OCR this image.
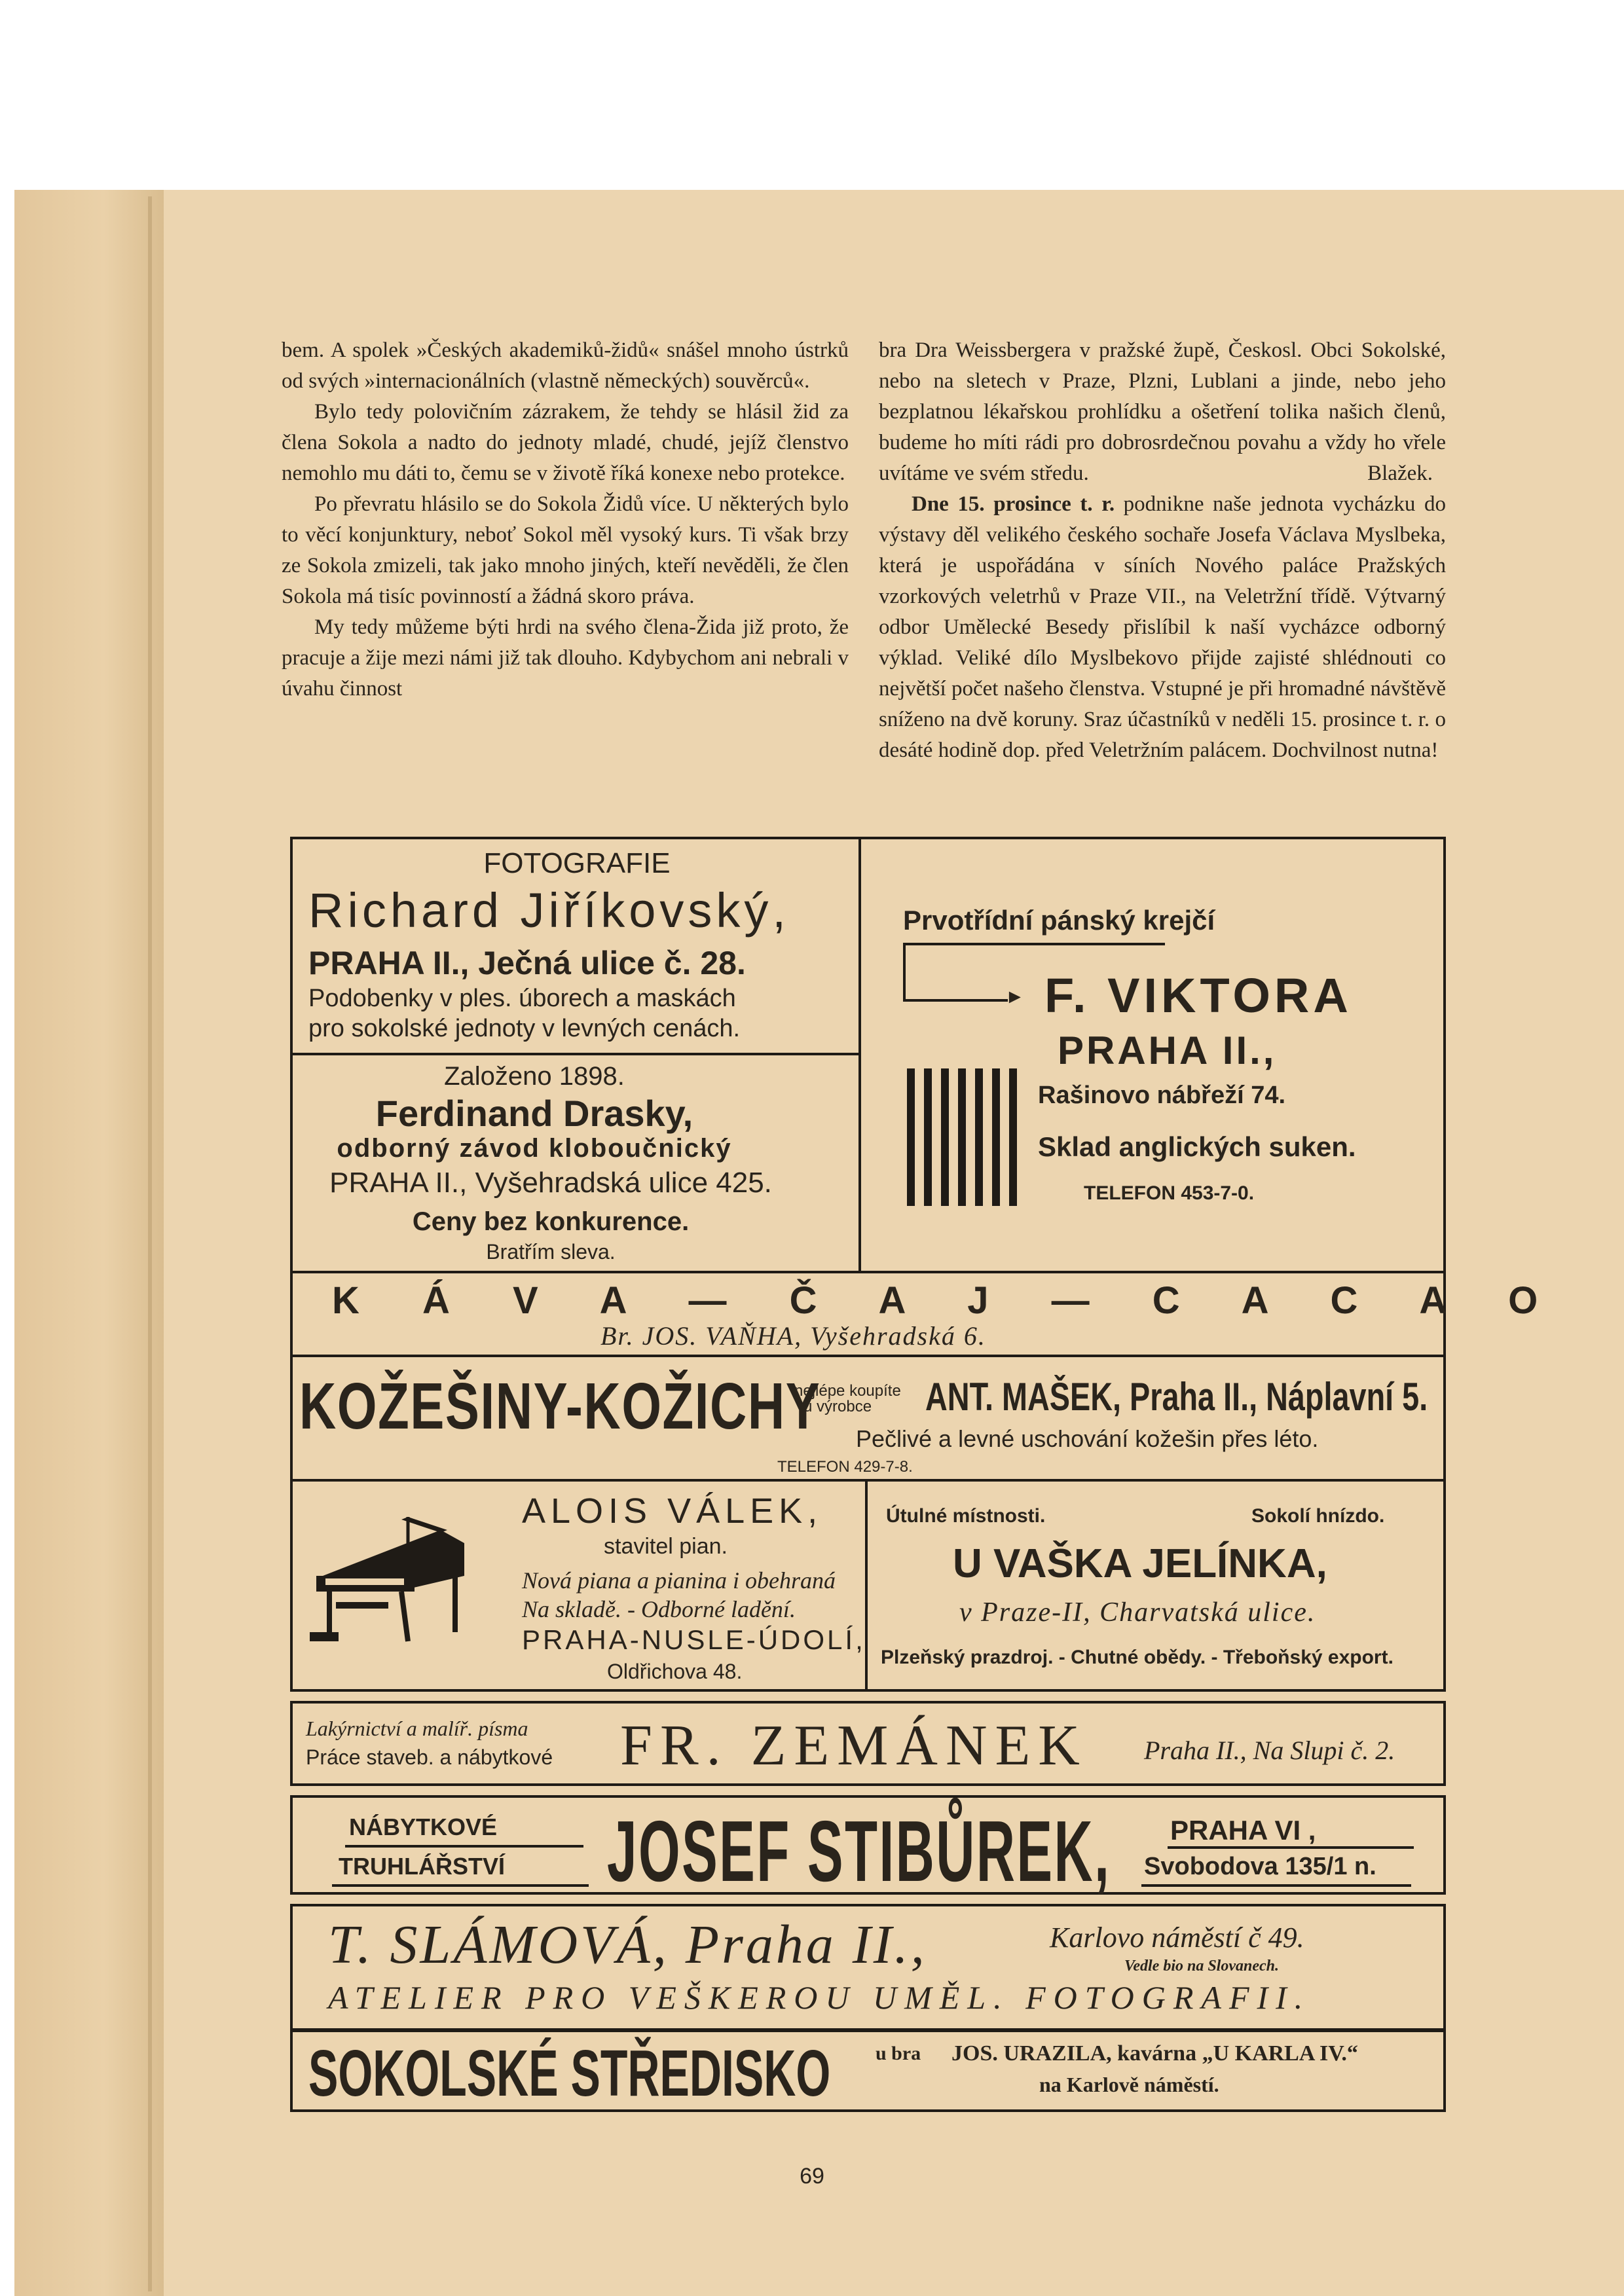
bem. A spolek »Českých akademiků-židů« snášel mnoho ústrků od svých »internacionálních (vlastně německých) souvěrců«.

Bylo tedy polovičním zázrakem, že tehdy se hlásil žid za člena Sokola a nadto do jednoty mladé, chudé, jejíž členstvo nemohlo mu dáti to, čemu se v životě říká konexe nebo protekce.

Po převratu hlásilo se do Sokola Židů více. U některých bylo to věcí konjunktury, neboť Sokol měl vysoký kurs. Ti však brzy ze Sokola zmizeli, tak jako mnoho jiných, kteří nevěděli, že člen Sokola má tisíc povinností a žádná skoro práva.

My tedy můžeme býti hrdi na svého člena-Žida již proto, že pracuje a žije mezi námi již tak dlouho. Kdybychom ani nebrali v úvahu činnost

bra Dra Weissbergera v pražské župě, Českosl. Obci Sokolské, nebo na sletech v Praze, Plzni, Lublani a jinde, nebo jeho bezplatnou lékařskou prohlídku a ošetření tolika našich členů, budeme ho míti rádi pro dobrosrdečnou povahu a vždy ho vřele uvítáme ve svém středu.	Blažek.

Dne 15. prosince t. r. podnikne naše jednota vycházku do výstavy děl velikého českého sochaře Josefa Václava Myslbeka, která je uspořádána v síních Nového paláce Pražských vzorkových veletrhů v Praze VII., na Veletržní třídě. Výtvarný odbor Umělecké Besedy přislíbil k naší vycházce odborný výklad. Veliké dílo Myslbekovo přijde zajisté shlédnouti co největší počet našeho členstva. Vstupné je při hromadné návštěvě sníženo na dvě koruny. Sraz účastníků v neděli 15. prosince t. r. o desáté hodině dop. před Veletržním palácem. Dochvilnost nutna!

FOTOGRAFIE
Richard Jiříkovský,
PRAHA II., Ječná ulice č. 28.
Podobenky v ples. úborech a maskách
pro sokolské jednoty v levných cenách.
Založeno 1898.
Ferdinand Drasky,
odborný závod kloboučnický
PRAHA II., Vyšehradská ulice 425.
Ceny bez konkurence.
Bratřím sleva.
Prvotřídní pánský krejčí
► F. VIKTORA
PRAHA II.,
Rašinovo nábřeží 74.
Sklad anglických suken.
TELEFON 453-7-0.
K Á V A — Č A J — C A C A O
Br. JOS. VAŇHA, Vyšehradská 6.
KOŽEŠINY-KOŽICHY
nejlépe koupíte
u výrobce ANT. MAŠEK, Praha II., Náplavní 5.
Pečlivé a levné uschování kožešin přes léto.
TELEFON 429-7-8.
ALOIS VÁLEK,
stavitel pian.
Nová piana a pianina i obehraná
Na skladě. - Odborné ladění.
PRAHA-NUSLE-ÚDOLÍ,
Oldřichova 48.
Útulné místnosti.	Sokolí hnízdo.
U VAŠKA JELÍNKA,
v Praze-II, Charvatská ulice.
Plzeňský prazdroj. - Chutné obědy. - Třeboňský export.
Lakýrnictví a malíř. písma
Práce staveb. a nábytkové FR. ZEMÁNEK Praha II., Na Slupi č. 2.
NÁBYTKOVÉ
TRUHLÁŘSTVÍ JOSEF STIBŮREK, PRAHA VI ,
Svobodova 135/1 n.
T. SLÁMOVÁ, Praha II.,	Karlovo náměstí č 49.
Vedle bio na Slovanech.
ATELIER PRO VEŠKEROU UMĚL. FOTOGRAFII.
SOKOLSKÉ STŘEDISKO u bra JOS. URAZILA, kavárna „U KARLA IV.“
na Karlově náměstí.
69
